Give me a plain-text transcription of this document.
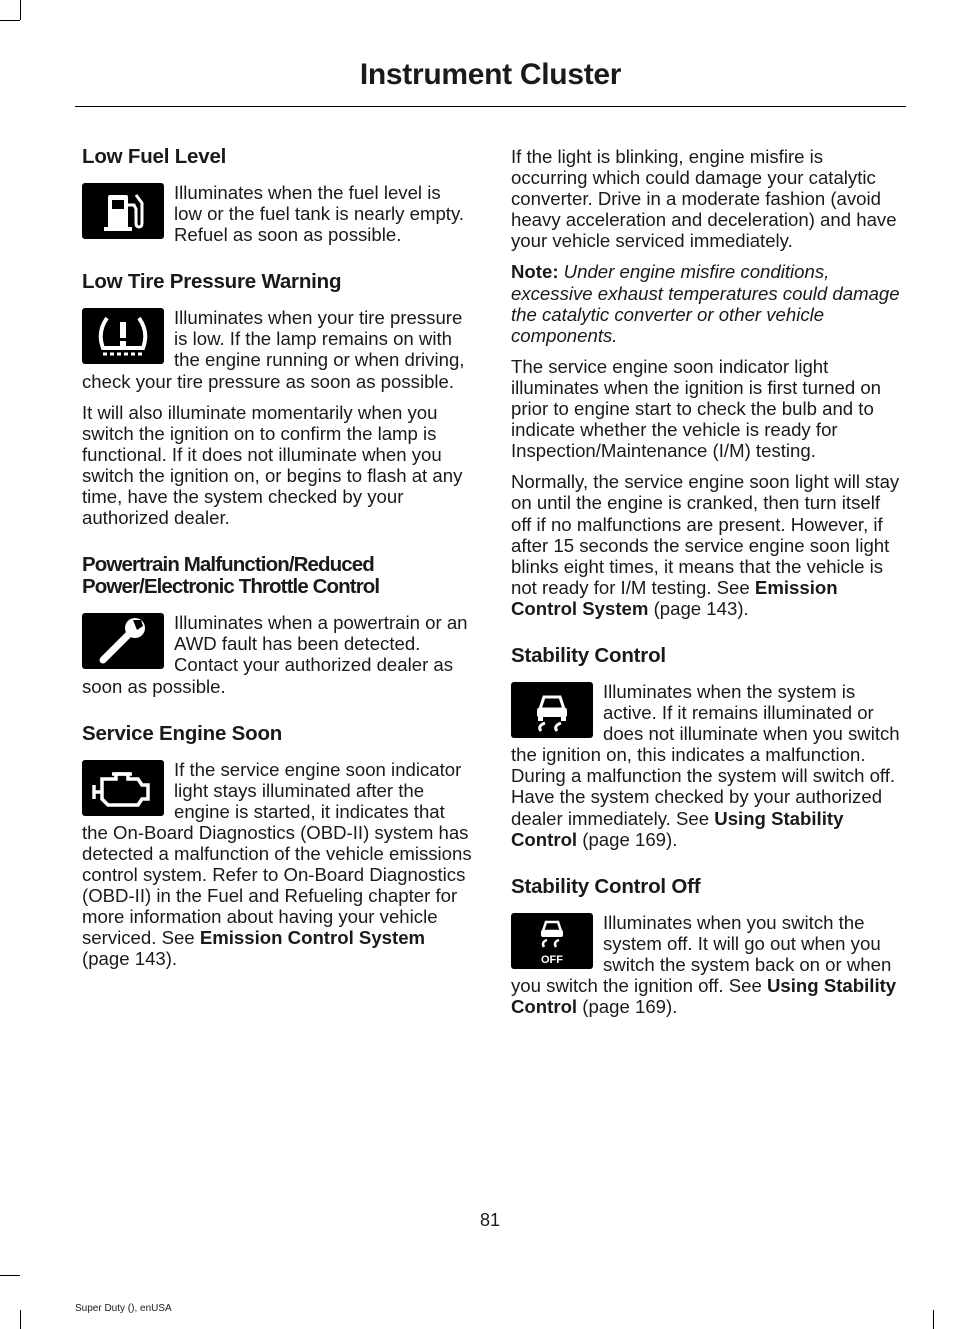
Instrument Cluster
Low Fuel Level

Illuminates when the fuel level is low or the fuel tank is nearly empty. Refuel as soon as possible.

Low Tire Pressure Warning

Illuminates when your tire pressure is low. If the lamp remains on with the engine running or when driving, check your tire pressure as soon as possible.

It will also illuminate momentarily when you switch the ignition on to confirm the lamp is functional. If it does not illuminate when you switch the ignition on, or begins to flash at any time, have the system checked by your authorized dealer.

Powertrain Malfunction/Reduced
Power/Electronic Throttle Control

Illuminates when a powertrain or an AWD fault has been detected. Contact your authorized dealer as soon as possible.

Service Engine Soon

If the service engine soon indicator light stays illuminated after the engine is started, it indicates that the On-Board Diagnostics (OBD-II) system has detected a malfunction of the vehicle emissions control system. Refer to On-Board Diagnostics (OBD-II) in the Fuel and Refueling chapter for more information about having your vehicle serviced. See Emission Control System (page 143).

If the light is blinking, engine misfire is occurring which could damage your catalytic converter. Drive in a moderate fashion (avoid heavy acceleration and deceleration) and have your vehicle serviced immediately.

Note: Under engine misfire conditions, excessive exhaust temperatures could damage the catalytic converter or other vehicle components.

The service engine soon indicator light illuminates when the ignition is first turned on prior to engine start to check the bulb and to indicate whether the vehicle is ready for Inspection/Maintenance (I/M) testing.

Normally, the service engine soon light will stay on until the engine is cranked, then turn itself off if no malfunctions are present. However, if after 15 seconds the service engine soon light blinks eight times, it means that the vehicle is not ready for I/M testing. See Emission Control System (page 143).

Stability Control

Illuminates when the system is active. If it remains illuminated or does not illuminate when you switch the ignition on, this indicates a malfunction. During a malfunction the system will switch off. Have the system checked by your authorized dealer immediately. See Using Stability Control (page 169).

Stability Control Off
OFF

Illuminates when you switch the system off. It will go out when you switch the system back on or when you switch the ignition off. See Using Stability Control (page 169).

81
Super Duty (), enUSA
